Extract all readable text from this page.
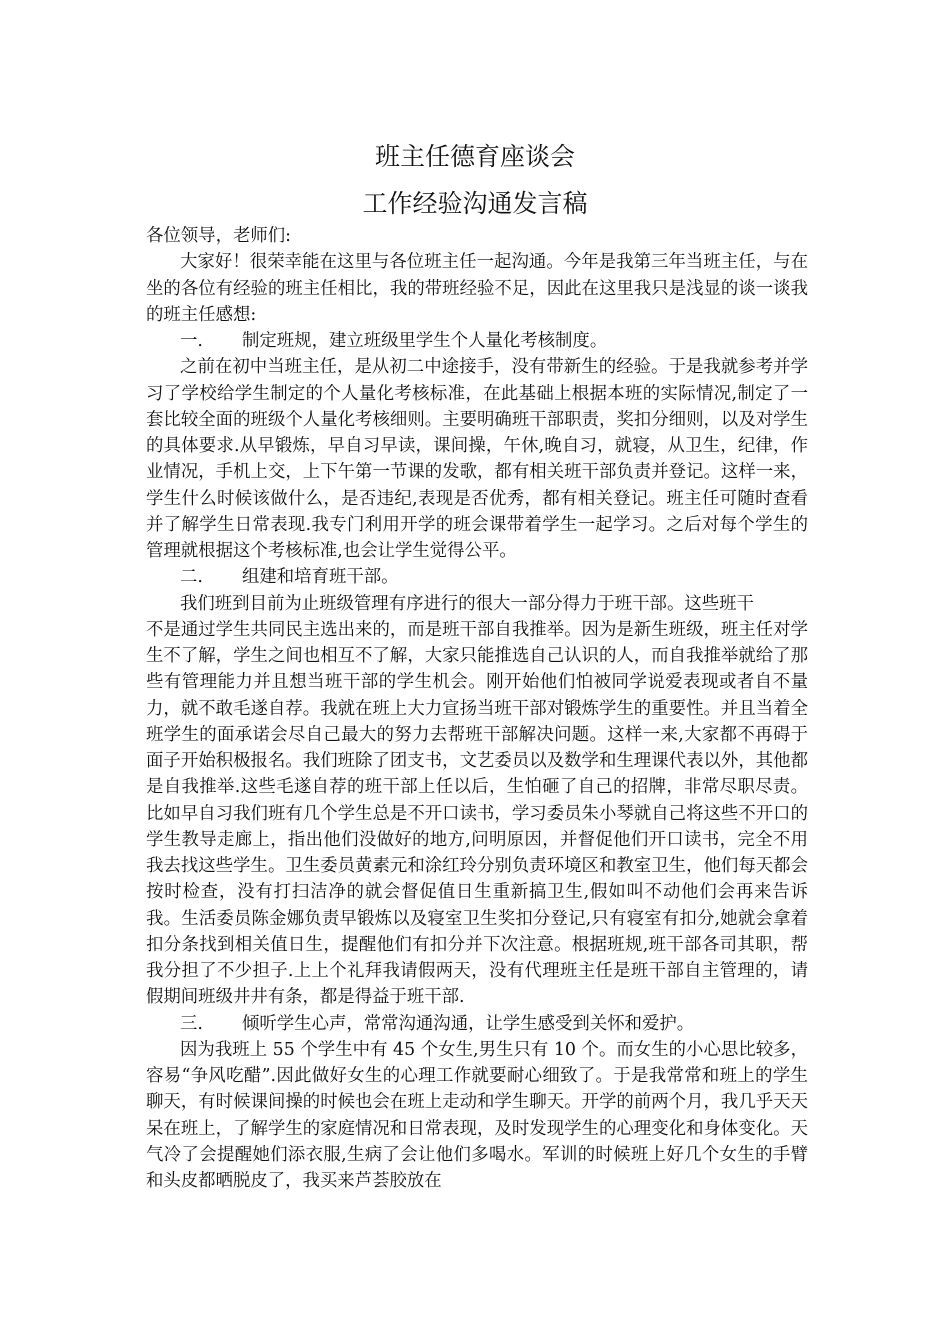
班主任德育座谈会
工作经验沟通发言稿

各位领导，老师们:

大家好！很荣幸能在这里与各位班主任一起沟通。今年是我第三年当班主任，与在坐的各位有经验的班主任相比，我的带班经验不足，因此在这里我只是浅显的谈一谈我的班主任感想:

一. 制定班规，建立班级里学生个人量化考核制度。

之前在初中当班主任，是从初二中途接手，没有带新生的经验。于是我就参考并学习了学校给学生制定的个人量化考核标准，在此基础上根据本班的实际情况,制定了一套比较全面的班级个人量化考核细则。主要明确班干部职责，奖扣分细则，以及对学生的具体要求.从早锻炼，早自习早读，课间操，午休,晚自习，就寝，从卫生，纪律，作业情况，手机上交，上下午第一节课的发歌，都有相关班干部负责并登记。这样一来，学生什么时候该做什么，是否违纪,表现是否优秀，都有相关登记。班主任可随时查看并了解学生日常表现.我专门利用开学的班会课带着学生一起学习。之后对每个学生的管理就根据这个考核标准,也会让学生觉得公平。

二. 组建和培育班干部。

我们班到目前为止班级管理有序进行的很大一部分得力于班干部。这些班干

不是通过学生共同民主选出来的，而是班干部自我推举。因为是新生班级，班主任对学生不了解，学生之间也相互不了解，大家只能推选自己认识的人，而自我推举就给了那些有管理能力并且想当班干部的学生机会。刚开始他们怕被同学说爱表现或者自不量力，就不敢毛遂自荐。我就在班上大力宣扬当班干部对锻炼学生的重要性。并且当着全班学生的面承诺会尽自己最大的努力去帮班干部解决问题。这样一来,大家都不再碍于面子开始积极报名。我们班除了团支书，文艺委员以及数学和生理课代表以外，其他都是自我推举.这些毛遂自荐的班干部上任以后，生怕砸了自己的招牌，非常尽职尽责。比如早自习我们班有几个学生总是不开口读书，学习委员朱小琴就自己将这些不开口的学生教导走廊上，指出他们没做好的地方,问明原因，并督促他们开口读书，完全不用我去找这些学生。卫生委员黄素元和涂红玲分别负责环境区和教室卫生，他们每天都会按时检查，没有打扫洁净的就会督促值日生重新搞卫生,假如叫不动他们会再来告诉我。生活委员陈金娜负责早锻炼以及寝室卫生奖扣分登记,只有寝室有扣分,她就会拿着扣分条找到相关值日生，提醒他们有扣分并下次注意。根据班规,班干部各司其职，帮我分担了不少担子.上上个礼拜我请假两天，没有代理班主任是班干部自主管理的，请假期间班级井井有条，都是得益于班干部.

三. 倾听学生心声，常常沟通沟通，让学生感受到关怀和爱护。

因为我班上 55 个学生中有 45 个女生,男生只有 10 个。而女生的小心思比较多，容易“争风吃醋”.因此做好女生的心理工作就要耐心细致了。于是我常常和班上的学生聊天，有时候课间操的时候也会在班上走动和学生聊天。开学的前两个月，我几乎天天呆在班上，了解学生的家庭情况和日常表现，及时发现学生的心理变化和身体变化。天气冷了会提醒她们添衣服,生病了会让他们多喝水。军训的时候班上好几个女生的手臂和头皮都晒脱皮了，我买来芦荟胶放在
